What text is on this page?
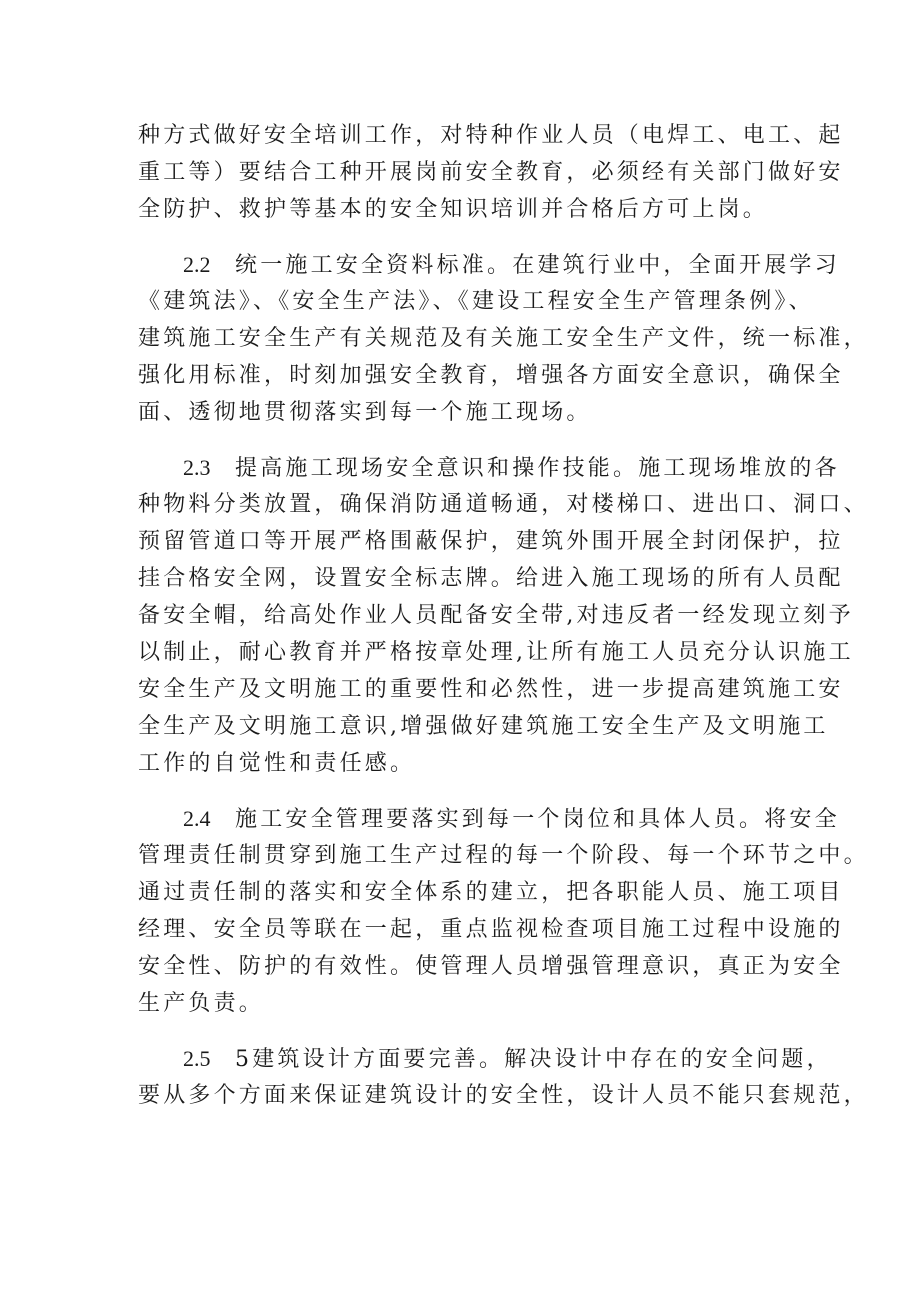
种方式做好安全培训工作，对特种作业人员（电焊工、电工、起
重工等）要结合工种开展岗前安全教育，必须经有关部门做好安
全防护、救护等基本的安全知识培训并合格后方可上岗。
2.2 统一施工安全资料标准。在建筑行业中，全面开展学习
《建筑法》、《安全生产法》、《建设工程安全生产管理条例》、
建筑施工安全生产有关规范及有关施工安全生产文件，统一标准，
强化用标准，时刻加强安全教育，增强各方面安全意识，确保全
面、透彻地贯彻落实到每一个施工现场。
2.3 提高施工现场安全意识和操作技能。施工现场堆放的各
种物料分类放置，确保消防通道畅通，对楼梯口、进出口、洞口、
预留管道口等开展严格围蔽保护，建筑外围开展全封闭保护，拉
挂合格安全网，设置安全标志牌。给进入施工现场的所有人员配
备安全帽，给高处作业人员配备安全带,对违反者一经发现立刻予
以制止，耐心教育并严格按章处理,让所有施工人员充分认识施工
安全生产及文明施工的重要性和必然性，进一步提高建筑施工安
全生产及文明施工意识,增强做好建筑施工安全生产及文明施工
工作的自觉性和责任感。
2.4 施工安全管理要落实到每一个岗位和具体人员。将安全
管理责任制贯穿到施工生产过程的每一个阶段、每一个环节之中。
通过责任制的落实和安全体系的建立，把各职能人员、施工项目
经理、安全员等联在一起，重点监视检查项目施工过程中设施的
安全性、防护的有效性。使管理人员增强管理意识，真正为安全
生产负责。
2.5 5建筑设计方面要完善。解决设计中存在的安全问题，
要从多个方面来保证建筑设计的安全性，设计人员不能只套规范，
